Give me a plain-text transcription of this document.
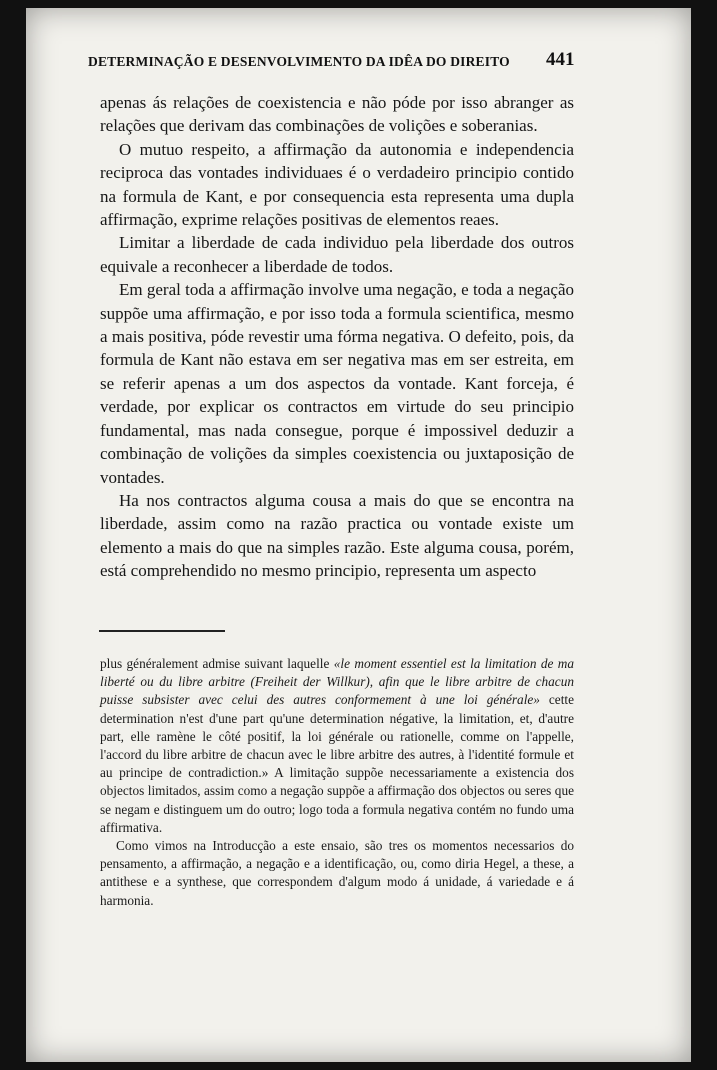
DETERMINAÇÃO E DESENVOLVIMENTO DA IDÊA DO DIREITO	441

apenas ás relações de coexistencia e não póde por isso abranger as relações que derivam das combinações de volições e soberanias.

O mutuo respeito, a affirmação da autonomia e independencia reciproca das vontades individuaes é o verdadeiro principio contido na formula de Kant, e por consequencia esta representa uma dupla affirmação, exprime relações positivas de elementos reaes.

Limitar a liberdade de cada individuo pela liberdade dos outros equivale a reconhecer a liberdade de todos.

Em geral toda a affirmação involve uma negação, e toda a negação suppõe uma affirmação, e por isso toda a formula scientifica, mesmo a mais positiva, póde revestir uma fórma negativa. O defeito, pois, da formula de Kant não estava em ser negativa mas em ser estreita, em se referir apenas a um dos aspectos da vontade. Kant forceja, é verdade, por explicar os contractos em virtude do seu principio fundamental, mas nada consegue, porque é impossivel deduzir a combinação de volições da simples coexistencia ou juxtaposição de vontades.

Ha nos contractos alguma cousa a mais do que se encontra na liberdade, assim como na razão practica ou vontade existe um elemento a mais do que na simples razão. Este alguma cousa, porém, está comprehendido no mesmo principio, representa um aspecto

plus généralement admise suivant laquelle «le moment essentiel est la limitation de ma liberté ou du libre arbitre (Freiheit der Willkur), afin que le libre arbitre de chacun puisse subsister avec celui des autres conformement à une loi générale» cette determination n'est d'une part qu'une determination négative, la limitation, et, d'autre part, elle ramène le côté positif, la loi générale ou rationelle, comme on l'appelle, l'accord du libre arbitre de chacun avec le libre arbitre des autres, à l'identité formule et au principe de contradiction.» A limitação suppõe necessariamente a existencia dos objectos limitados, assim como a negação suppõe a affirmação dos objectos ou seres que se negam e distinguem um do outro; logo toda a formula negativa contém no fundo uma affirmativa.

Como vimos na Introducção a este ensaio, são tres os momentos necessarios do pensamento, a affirmação, a negação e a identificação, ou, como diria Hegel, a these, a antithese e a synthese, que correspondem d'algum modo á unidade, á variedade e á harmonia.
